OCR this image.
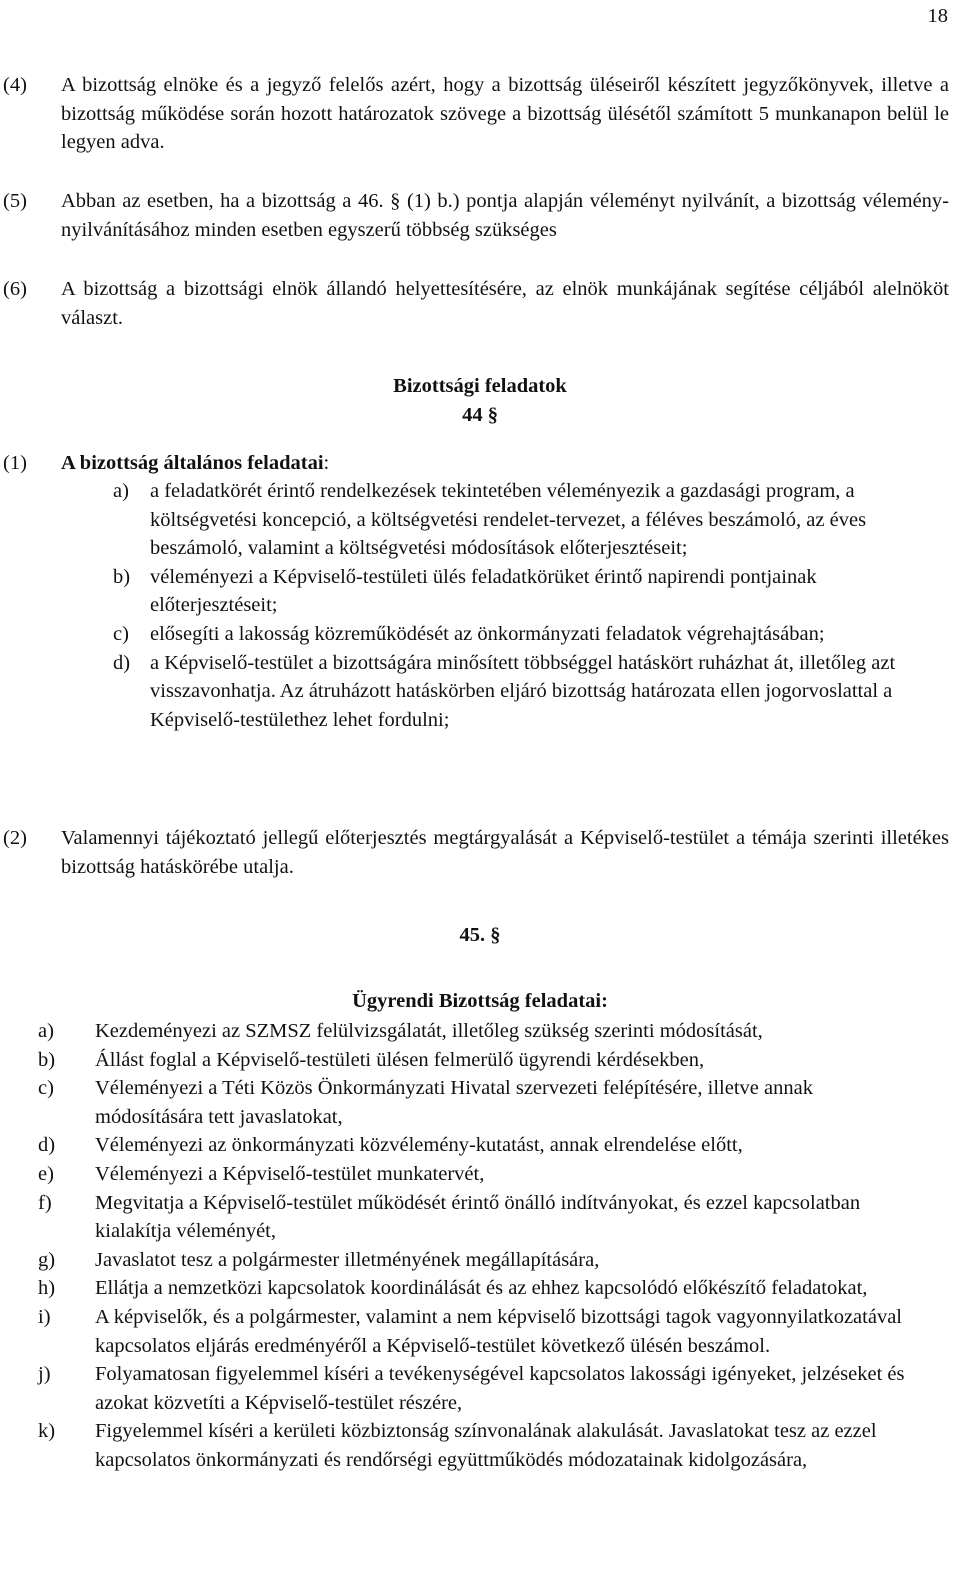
18
(4)	A bizottság elnöke és a jegyző felelős azért, hogy a bizottság üléseiről készített jegyzőkönyvek, illetve a bizottság működése során hozott határozatok szövege a bizottság ülésétől számított 5 munkanapon belül le legyen adva.
(5)	Abban az esetben, ha a bizottság a 46. § (1) b.) pontja alapján véleményt nyilvánít, a bizottság vélemény-nyilvánításához minden esetben egyszerű többség szükséges
(6)	A bizottság a bizottsági elnök állandó helyettesítésére, az elnök munkájának segítése céljából alelnököt választ.
Bizottsági feladatok
44 §
(1)	A bizottság általános feladatai:
a)	a feladatkörét érintő rendelkezések tekintetében véleményezik a gazdasági program, a költségvetési koncepció, a költségvetési rendelet-tervezet, a féléves beszámoló, az éves beszámoló, valamint a költségvetési módosítások előterjesztéseit;
b) véleményezi a Képviselő-testületi ülés feladatkörüket érintő napirendi pontjainak előterjesztéseit;
c)	elősegíti a lakosság közreműködését az önkormányzati feladatok végrehajtásában;
d) a Képviselő-testület a bizottságára minősített többséggel hatáskört ruházhat át, illetőleg azt visszavonhatja. Az átruházott hatáskörben eljáró bizottság határozata ellen jogorvoslattal a Képviselő-testülethez lehet fordulni;
(2)	Valamennyi tájékoztató jellegű előterjesztés megtárgyalását a Képviselő-testület a témája szerinti illetékes bizottság hatáskörébe utalja.
45. §
Ügyrendi Bizottság feladatai:
a)	Kezdeményezi az SZMSZ felülvizsgálatát, illetőleg szükség szerinti módosítását,
b)	Állást foglal a Képviselő-testületi ülésen felmerülő ügyrendi kérdésekben,
c)	Véleményezi a Téti Közös Önkormányzati Hivatal szervezeti felépítésére, illetve annak módosítására tett javaslatokat,
d)	Véleményezi az önkormányzati közvélemény-kutatást, annak elrendelése előtt,
e)	Véleményezi a Képviselő-testület munkatervét,
f)	Megvitatja a Képviselő-testület működését érintő önálló indítványokat, és ezzel kapcsolatban kialakítja véleményét,
g)	Javaslatot tesz a polgármester illetményének megállapítására,
h)	Ellátja a nemzetközi kapcsolatok koordinálását és az ehhez kapcsolódó előkészítő feladatokat,
i)	A képviselők, és a polgármester, valamint a nem képviselő bizottsági tagok vagyonnyilatkozatával kapcsolatos eljárás eredményéről a Képviselő-testület következő ülésén beszámol.
j)	Folyamatosan figyelemmel kíséri a tevékenységével kapcsolatos lakossági igényeket, jelzéseket és azokat közvetíti a Képviselő-testület részére,
k)	Figyelemmel kíséri a kerületi közbiztonság színvonalának alakulását. Javaslatokat tesz az ezzel kapcsolatos önkormányzati és rendőrségi együttműködés módozatainak kidolgozására,
